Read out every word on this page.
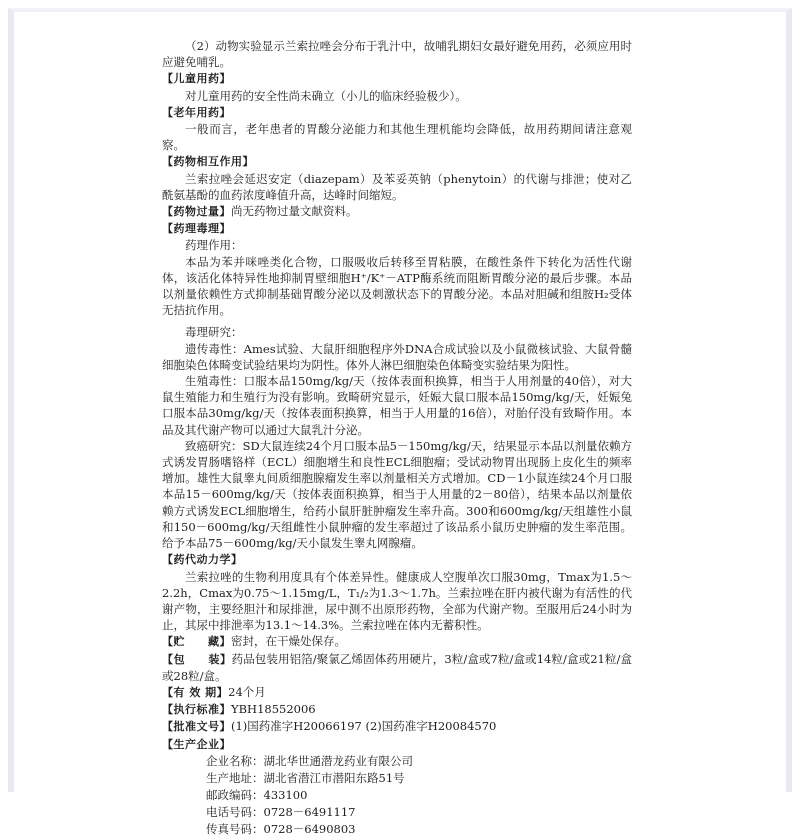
（2）动物实验显示兰索拉唑会分布于乳汁中，故哺乳期妇女最好避免用药，必须应用时应避免哺乳。

【儿童用药】

对儿童用药的安全性尚未确立（小儿的临床经验极少）。

【老年用药】

一般而言，老年患者的胃酸分泌能力和其他生理机能均会降低，故用药期间请注意观察。

【药物相互作用】

兰索拉唑会延迟安定（diazepam）及苯妥英钠（phenytoin）的代谢与排泄；使对乙酰氨基酚的血药浓度峰值升高，达峰时间缩短。

【药物过量】尚无药物过量文献资料。

【药理毒理】

药理作用：

本品为苯并咪唑类化合物，口服吸收后转移至胃粘膜，在酸性条件下转化为活性代谢体，该活化体特异性地抑制胃壁细胞H⁺/K⁺－ATP酶系统而阻断胃酸分泌的最后步骤。本品以剂量依赖性方式抑制基础胃酸分泌以及刺激状态下的胃酸分泌。本品对胆碱和组胺H₂受体无拮抗作用。

毒理研究：

遗传毒性：Ames试验、大鼠肝细胞程序外DNA合成试验以及小鼠微核试验、大鼠骨髓细胞染色体畸变试验结果均为阴性。体外人淋巴细胞染色体畸变实验结果为阳性。

生殖毒性：口服本品150mg/kg/天（按体表面积换算，相当于人用剂量的40倍），对大鼠生殖能力和生殖行为没有影响。致畸研究显示，妊娠大鼠口服本品150mg/kg/天，妊娠兔口服本品30mg/kg/天（按体表面积换算，相当于人用量的16倍），对胎仔没有致畸作用。本品及其代谢产物可以通过大鼠乳汁分泌。

致癌研究：SD大鼠连续24个月口服本品5－150mg/kg/天，结果显示本品以剂量依赖方式诱发胃肠嗜铬样（ECL）细胞增生和良性ECL细胞瘤；受试动物胃出现肠上皮化生的频率增加。雄性大鼠睾丸间质细胞腺瘤发生率以剂量相关方式增加。CD－1小鼠连续24个月口服本品15－600mg/kg/天（按体表面积换算，相当于人用量的2－80倍），结果本品以剂量依赖方式诱发ECL细胞增生，给药小鼠肝脏肿瘤发生率升高。300和600mg/kg/天组雄性小鼠和150－600mg/kg/天组雌性小鼠肿瘤的发生率超过了该品系小鼠历史肿瘤的发生率范围。给予本品75－600mg/kg/天小鼠发生睾丸网腺瘤。

【药代动力学】

兰索拉唑的生物利用度具有个体差异性。健康成人空腹单次口服30mg，Tmax为1.5～2.2h，Cmax为0.75～1.15mg/L，T₁/₂为1.3～1.7h。兰索拉唑在肝内被代谢为有活性的代谢产物，主要经胆汁和尿排泄，尿中测不出原形药物，全部为代谢产物。至服用后24小时为止，其尿中排泄率为13.1～14.3%。兰索拉唑在体内无蓄积性。

【贮　　藏】密封，在干燥处保存。

【包　　装】药品包装用铝箔/聚氯乙烯固体药用硬片，3粒/盒或7粒/盒或14粒/盒或21粒/盒或28粒/盒。

【有 效 期】24个月

【执行标准】YBH18552006

【批准文号】(1)国药准字H20066197 (2)国药准字H20084570

【生产企业】

企业名称：湖北华世通潜龙药业有限公司

生产地址：湖北省潜江市潜阳东路51号

邮政编码：433100

电话号码：0728－6491117

传真号码：0728－6490803
